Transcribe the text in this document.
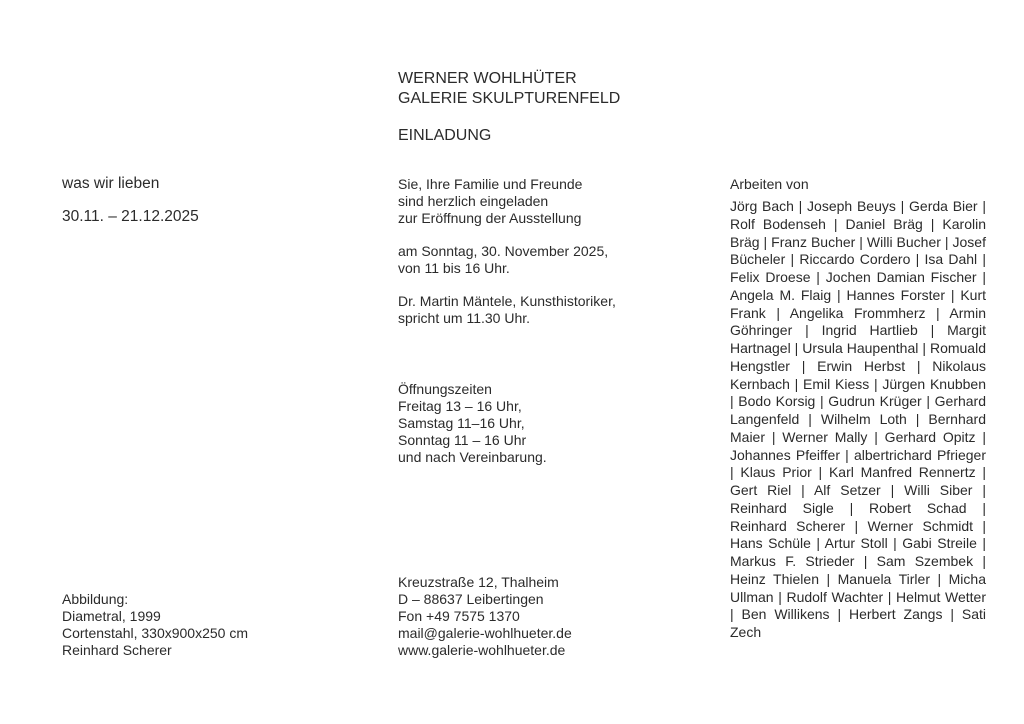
WERNER WOHLHÜTER
GALERIE SKULPTURENFELD
EINLADUNG
was wir lieben
30.11. – 21.12.2025
Sie, Ihre Familie und Freunde
sind herzlich eingeladen
zur Eröffnung der Ausstellung
am Sonntag, 30. November 2025,
von 11 bis 16 Uhr.
Dr. Martin Mäntele, Kunsthistoriker,
spricht um 11.30 Uhr.
Öffnungszeiten
Freitag 13 – 16 Uhr,
Samstag 11–16 Uhr,
Sonntag 11 – 16 Uhr
und nach Vereinbarung.
Kreuzstraße 12, Thalheim
D – 88637 Leibertingen
Fon +49 7575 1370
mail@galerie-wohlhueter.de
www.galerie-wohlhueter.de
Abbildung:
Diametral, 1999
Cortenstahl, 330x900x250 cm
Reinhard Scherer
Arbeiten von
Jörg Bach | Joseph Beuys | Gerda Bier | Rolf Bodenseh | Daniel Bräg | Karolin Bräg | Franz Bucher | Willi Bucher | Josef Bücheler | Riccardo Cordero | Isa Dahl | Felix Droese | Jochen Damian Fischer | Angela M. Flaig | Hannes Forster | Kurt Frank | Angelika Frommherz | Armin Göhringer | Ingrid Hartlieb | Margit Hartnagel | Ursula Haupenthal | Romuald Hengstler | Erwin Herbst | Nikolaus Kernbach | Emil Kiess | Jürgen Knubben | Bodo Korsig | Gudrun Krüger | Gerhard Langenfeld | Wilhelm Loth | Bernhard Maier | Werner Mally | Gerhard Opitz | Johannes Pfeiffer | albertrichard Pfrieger | Klaus Prior | Karl Manfred Rennertz | Gert Riel | Alf Setzer | Willi Siber | Reinhard Sigle | Robert Schad | Reinhard Scherer | Werner Schmidt | Hans Schüle | Artur Stoll | Gabi Streile | Markus F. Strieder | Sam Szembek | Heinz Thielen | Manuela Tirler | Micha Ullman | Rudolf Wachter | Helmut Wetter | Ben Willikens | Herbert Zangs | Sati Zech
